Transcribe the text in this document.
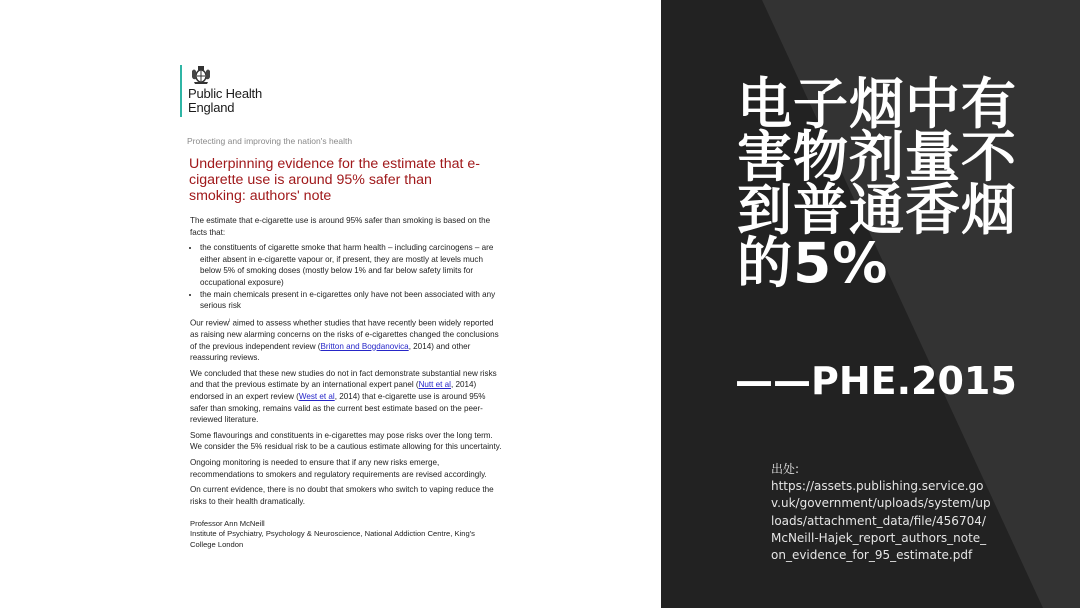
Public Health
England
Protecting and improving the nation's health
Underpinning evidence for the estimate that e-cigarette use is around 95% safer than smoking: authors' note

The estimate that e-cigarette use is around 95% safer than smoking is based on the facts that:

• the constituents of cigarette smoke that harm health – including carcinogens – are either absent in e-cigarette vapour or, if present, they are mostly at levels much below 5% of smoking doses (mostly below 1% and far below safety limits for occupational exposure)
• the main chemicals present in e-cigarettes only have not been associated with any serious risk

Our review$^i$ aimed to assess whether studies that have recently been widely reported as raising new alarming concerns on the risks of e-cigarettes changed the conclusions of the previous independent review (Britton and Bogdanovica, 2014) and other reassuring reviews.

We concluded that these new studies do not in fact demonstrate substantial new risks and that the previous estimate by an international expert panel (Nutt et al, 2014) endorsed in an expert review (West et al, 2014) that e-cigarette use is around 95% safer than smoking, remains valid as the current best estimate based on the peer-reviewed literature.

Some flavourings and constituents in e-cigarettes may pose risks over the long term. We consider the 5% residual risk to be a cautious estimate allowing for this uncertainty.

Ongoing monitoring is needed to ensure that if any new risks emerge, recommendations to smokers and regulatory requirements are revised accordingly.

On current evidence, there is no doubt that smokers who switch to vaping reduce the risks to their health dramatically.

Professor Ann McNeill
Institute of Psychiatry, Psychology & Neuroscience, National Addiction Centre, King's College London
电子烟中有害物剂量不到普通香烟的5%
——PHE.2015
出处:
https://assets.publishing.service.gov.uk/government/uploads/system/uploads/attachment_data/file/456704/McNeill-Hajek_report_authors_note_on_evidence_for_95_estimate.pdf
